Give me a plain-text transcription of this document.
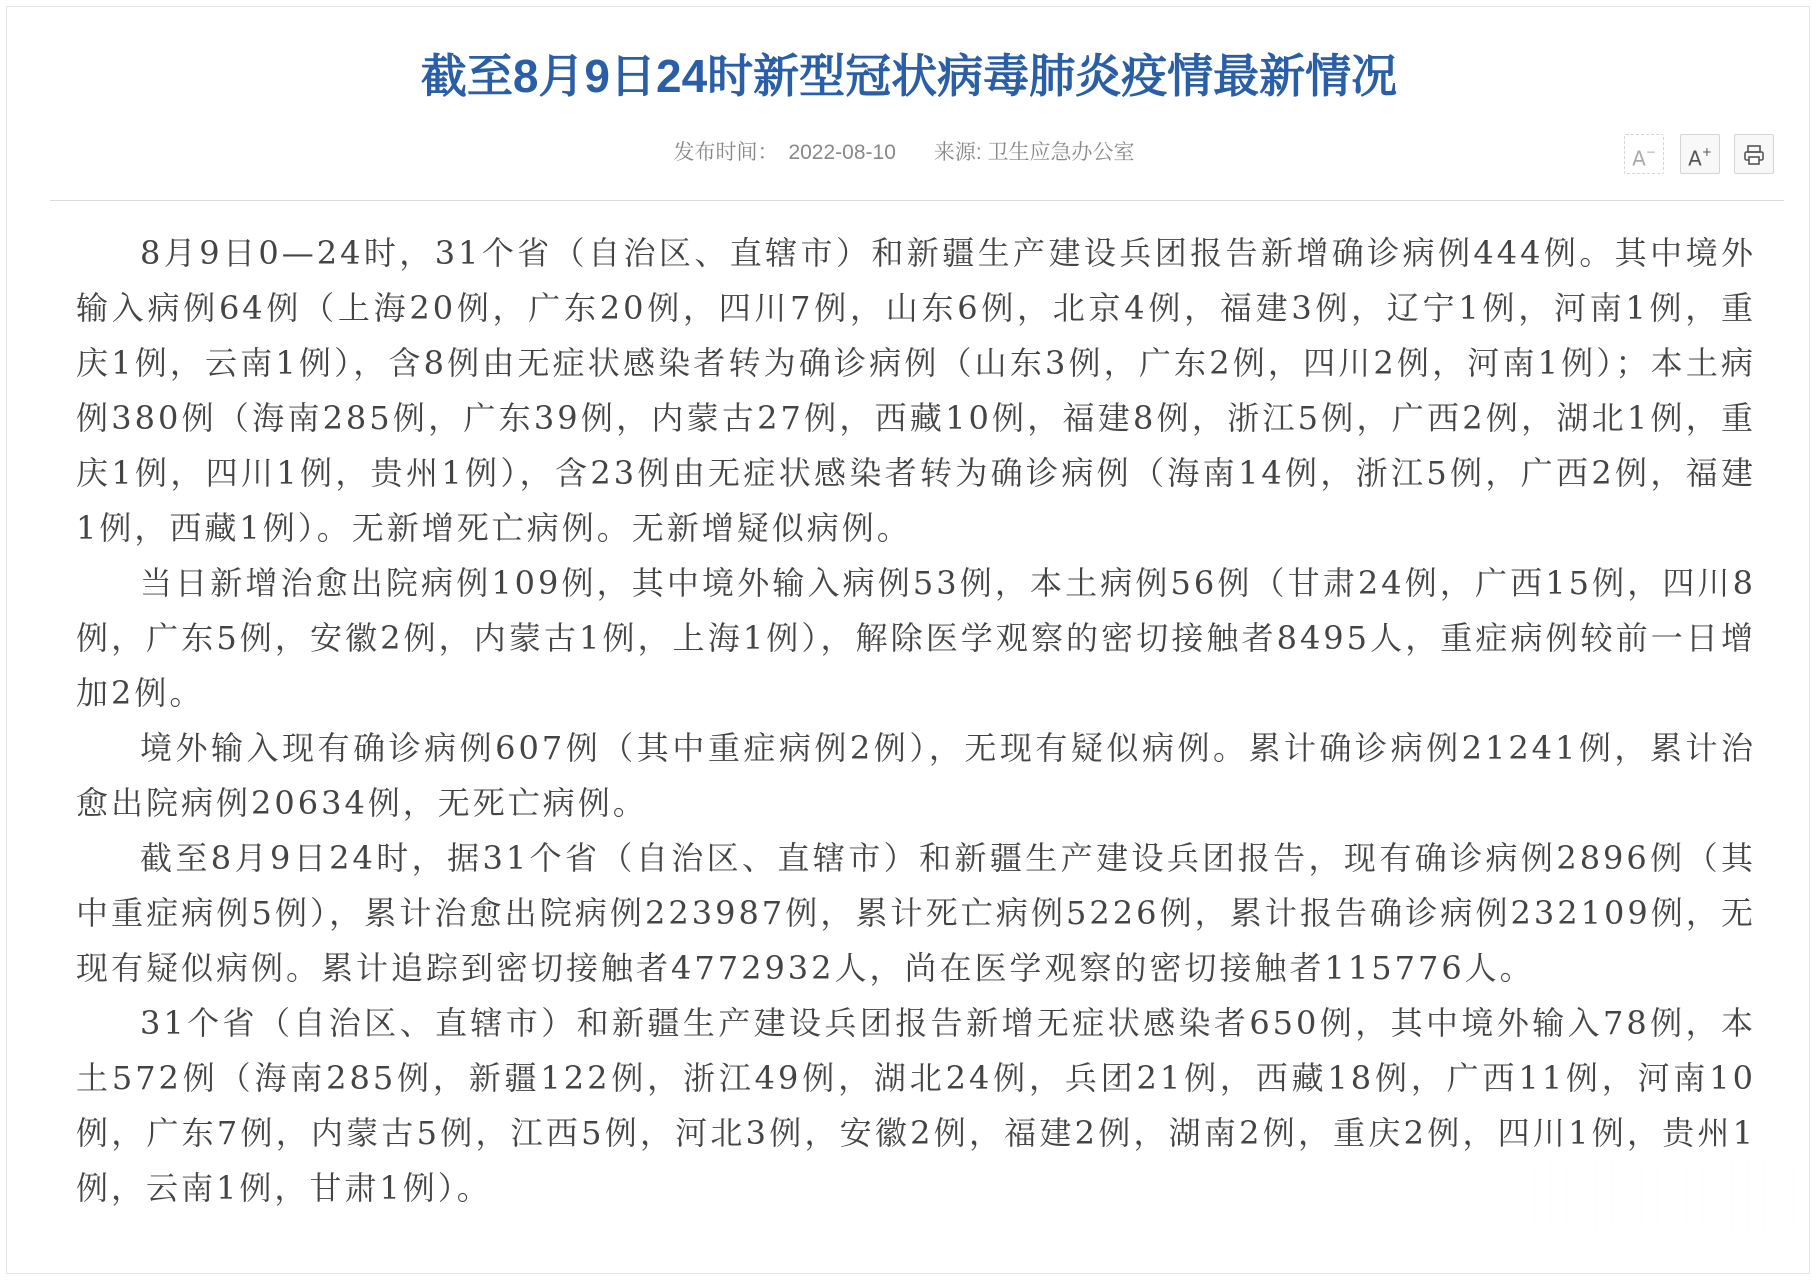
截至8月9日24时新型冠状病毒肺炎疫情最新情况
发布时间： 2022-08-10 来源: 卫生应急办公室	A−	A+

8月9日0—24时，31个省（自治区、直辖市）和新疆生产建设兵团报告新增确诊病例444例。其中境外输入病例64例（上海20例，广东20例，四川7例，山东6例，北京4例，福建3例，辽宁1例，河南1例，重庆1例，云南1例），含8例由无症状感染者转为确诊病例（山东3例，广东2例，四川2例，河南1例）；本土病例380例（海南285例，广东39例，内蒙古27例，西藏10例，福建8例，浙江5例，广西2例，湖北1例，重庆1例，四川1例，贵州1例），含23例由无症状感染者转为确诊病例（海南14例，浙江5例，广西2例，福建1例，西藏1例）。无新增死亡病例。无新增疑似病例。

当日新增治愈出院病例109例，其中境外输入病例53例，本土病例56例（甘肃24例，广西15例，四川8例，广东5例，安徽2例，内蒙古1例，上海1例），解除医学观察的密切接触者8495人，重症病例较前一日增加2例。

境外输入现有确诊病例607例（其中重症病例2例），无现有疑似病例。累计确诊病例21241例，累计治愈出院病例20634例，无死亡病例。

截至8月9日24时，据31个省（自治区、直辖市）和新疆生产建设兵团报告，现有确诊病例2896例（其中重症病例5例），累计治愈出院病例223987例，累计死亡病例5226例，累计报告确诊病例232109例，无现有疑似病例。累计追踪到密切接触者4772932人，尚在医学观察的密切接触者115776人。

31个省（自治区、直辖市）和新疆生产建设兵团报告新增无症状感染者650例，其中境外输入78例，本土572例（海南285例，新疆122例，浙江49例，湖北24例，兵团21例，西藏18例，广西11例，河南10例，广东7例，内蒙古5例，江西5例，河北3例，安徽2例，福建2例，湖南2例，重庆2例，四川1例，贵州1例，云南1例，甘肃1例）。
